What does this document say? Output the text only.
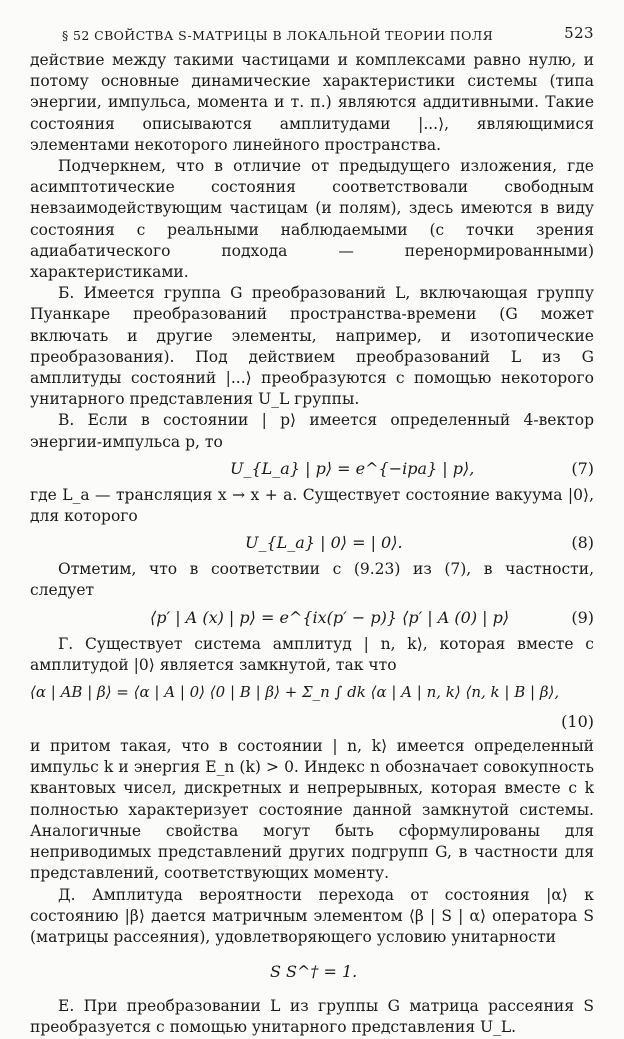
§ 52 СВОЙСТВА S-МАТРИЦЫ В ЛОКАЛЬНОЙ ТЕОРИИ ПОЛЯ	523

действие между такими частицами и комплексами равно нулю, и потому основные динамические характеристики системы (типа энергии, импульса, момента и т. п.) являются аддитивными. Такие состояния описываются амплитудами |...⟩, являющимися элементами некоторого линейного пространства.

Подчеркнем, что в отличие от предыдущего изложения, где асимптотические состояния соответствовали свободным невзаимодействующим частицам (и полям), здесь имеются в виду состояния с реальными наблюдаемыми (с точки зрения адиабатического подхода — перенормированными) характеристиками.

Б. Имеется группа G преобразований L, включающая группу Пуанкаре преобразований пространства-времени (G может включать и другие элементы, например, и изотопические преобразования). Под действием преобразований L из G амплитуды состояний |...⟩ преобразуются с помощью некоторого унитарного представления U_L группы.

В. Если в состоянии | p⟩ имеется определенный 4-вектор энергии-импульса p, то

U_{L_a} | p⟩ = e^{−ipa} | p⟩,	(7)

где L_a — трансляция x → x + a. Существует состояние вакуума |0⟩, для которого

U_{L_a} | 0⟩ = | 0⟩.	(8)

Отметим, что в соответствии с (9.23) из (7), в частности, следует

⟨p′ | A (x) | p⟩ = e^{ix(p′ − p)} ⟨p′ | A (0) | p⟩	(9)

Г. Существует система амплитуд | n, k⟩, которая вместе с амплитудой |0⟩ является замкнутой, так что

⟨α | AB | β⟩ = ⟨α | A | 0⟩ ⟨0 | B | β⟩ + Σ_n ∫ dk ⟨α | A | n, k⟩ ⟨n, k | B | β⟩,
(10)

и притом такая, что в состоянии | n, k⟩ имеется определенный импульс k и энергия E_n (k) > 0. Индекс n обозначает совокупность квантовых чисел, дискретных и непрерывных, которая вместе с k полностью характеризует состояние данной замкнутой системы. Аналогичные свойства могут быть сформулированы для неприводимых представлений других подгрупп G, в частности для представлений, соответствующих моменту.

Д. Амплитуда вероятности перехода от состояния |α⟩ к состоянию |β⟩ дается матричным элементом ⟨β | S | α⟩ оператора S (матрицы рассеяния), удовлетворяющего условию унитарности

S S^† = 1.

Е. При преобразовании L из группы G матрица рассеяния S преобразуется с помощью унитарного представления U_L.
